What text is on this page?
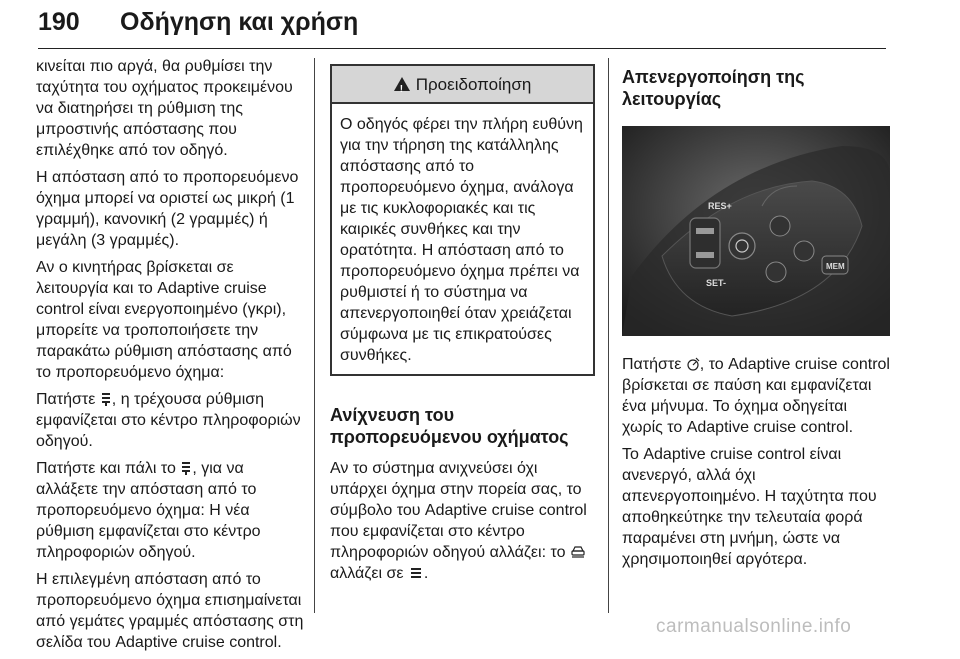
190 Οδήγηση και χρήση

κινείται πιο αργά, θα ρυθμίσει την ταχύτητα του οχήματος προκειμένου να διατηρήσει τη ρύθμιση της μπροστινής απόστασης που επιλέχθηκε από τον οδηγό.

Η απόσταση από το προπορευόμενο όχημα μπορεί να οριστεί ως μικρή (1 γραμμή), κανονική (2 γραμμές) ή μεγάλη (3 γραμμές).

Αν ο κινητήρας βρίσκεται σε λειτουργία και το Adaptive cruise control είναι ενεργοποιημένο (γκρι), μπορείτε να τροποποιήσετε την παρακάτω ρύθμιση απόστασης από το προπορευόμενο όχημα:

Πατήστε , η τρέχουσα ρύθμιση εμφανίζεται στο κέντρο πληροφοριών οδηγού.

Πατήστε και πάλι το , για να αλλάξετε την απόσταση από το προπορευόμενο όχημα: Η νέα ρύθμιση εμφανίζεται στο κέντρο πληροφοριών οδηγού.

Η επιλεγμένη απόσταση από το προπορευόμενο όχημα επισημαίνεται από γεμάτες γραμμές απόστασης στη σελίδα του Adaptive cruise control.

!
Προειδοποίηση
Ο οδηγός φέρει την πλήρη ευθύνη για την τήρηση της κατάλληλης απόστασης από το προπορευόμενο όχημα, ανάλογα με τις κυκλοφοριακές και τις καιρικές συνθήκες και την ορατότητα. Η απόσταση από το προπορευόμενο όχημα πρέπει να ρυθμιστεί ή το σύστημα να απενεργοποιηθεί όταν χρειάζεται σύμφωνα με τις επικρατούσες συνθήκες.
Ανίχνευση του προπορευόμενου οχήματος

Αν το σύστημα ανιχνεύσει όχι υπάρχει όχημα στην πορεία σας, το σύμβολο του Adaptive cruise control που εμφανίζεται στο κέντρο πληροφοριών οδηγού αλλάζει: το  αλλάζει σε .

Απενεργοποίηση της λειτουργίας
RES+
SET-
MEM

Πατήστε , το Adaptive cruise control βρίσκεται σε παύση και εμφανίζεται ένα μήνυμα. Το όχημα οδηγείται χωρίς το Adaptive cruise control.

Το Adaptive cruise control είναι ανενεργό, αλλά όχι απενεργοποιημένο. Η ταχύτητα που αποθηκεύτηκε την τελευταία φορά παραμένει στη μνήμη, ώστε να χρησιμοποιηθεί αργότερα.

carmanualsonline.info
